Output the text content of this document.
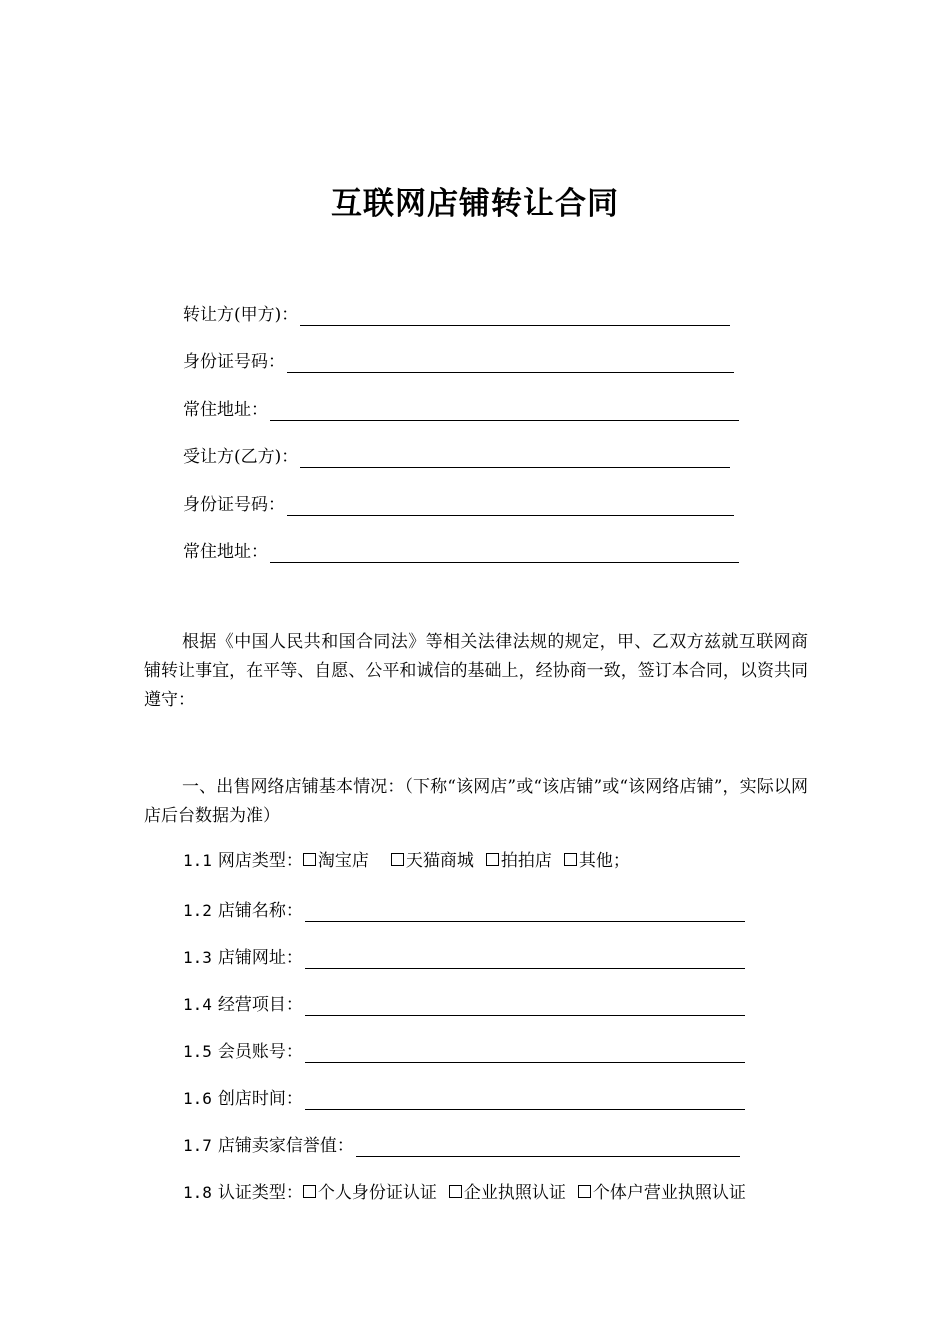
互联网店铺转让合同
转让方(甲方)：
身份证号码：
常住地址：
受让方(乙方)：
身份证号码：
常住地址：
根据《中国人民共和国合同法》等相关法律法规的规定，甲、乙双方兹就互联网商铺转让事宜，在平等、自愿、公平和诚信的基础上，经协商一致，签订本合同，以资共同遵守：
一、出售网络店铺基本情况：（下称“该网店”或“该店铺”或“该网络店铺”，实际以网店后台数据为准）
1.1 网店类型： 淘宝店 天猫商城 拍拍店 其他；
1.2 店铺名称：
1.3 店铺网址：
1.4 经营项目：
1.5 会员账号：
1.6 创店时间：
1.7 店铺卖家信誉值：
1.8 认证类型： 个人身份证认证 企业执照认证 个体户营业执照认证
